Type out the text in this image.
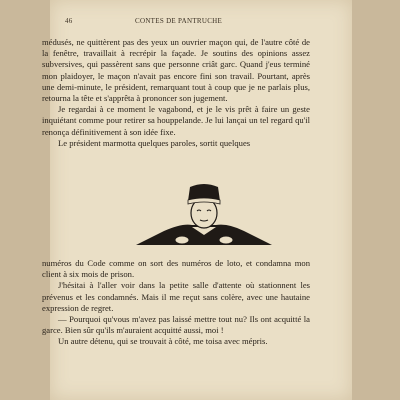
46	CONTES DE PANTRUCHE

médusés, ne quittèrent pas des yeux un ouvrier maçon qui, de l'autre côté de la fenêtre, travaillait à recrépir la façade. Je soutins des opinions assez subversives, qui passèrent sans que personne criât garc. Quand j'eus terminé mon plaidoyer, le maçon n'avait pas encore fini son travail. Pourtant, après une demi-minute, le président, remarquant tout à coup que je ne parlais plus, retourna la tête et s'apprêta à prononcer son jugement.

Je regardai à ce moment le vagabond, et je le vis prêt à faire un geste inquiétant comme pour retirer sa houppelande. Je lui lançai un tel regard qu'il renonça définitivement à son idée fixe.

Le président marmotta quelques paroles, sortit quelques

numéros du Code comme on sort des numéros de loto, et condamna mon client à six mois de prison.

J'hésitai à l'aller voir dans la petite salle d'attente où stationnent les prévenus et les condamnés. Mais il me reçut sans colère, avec une hautaine expression de regret.

— Pourquoi qu'vous m'avez pas laissé mettre tout nu? Ils ont acquitté la garce. Bien sûr qu'ils m'auraient acquitté aussi, moi !

Un autre détenu, qui se trouvait à côté, me toisa avec mépris.
